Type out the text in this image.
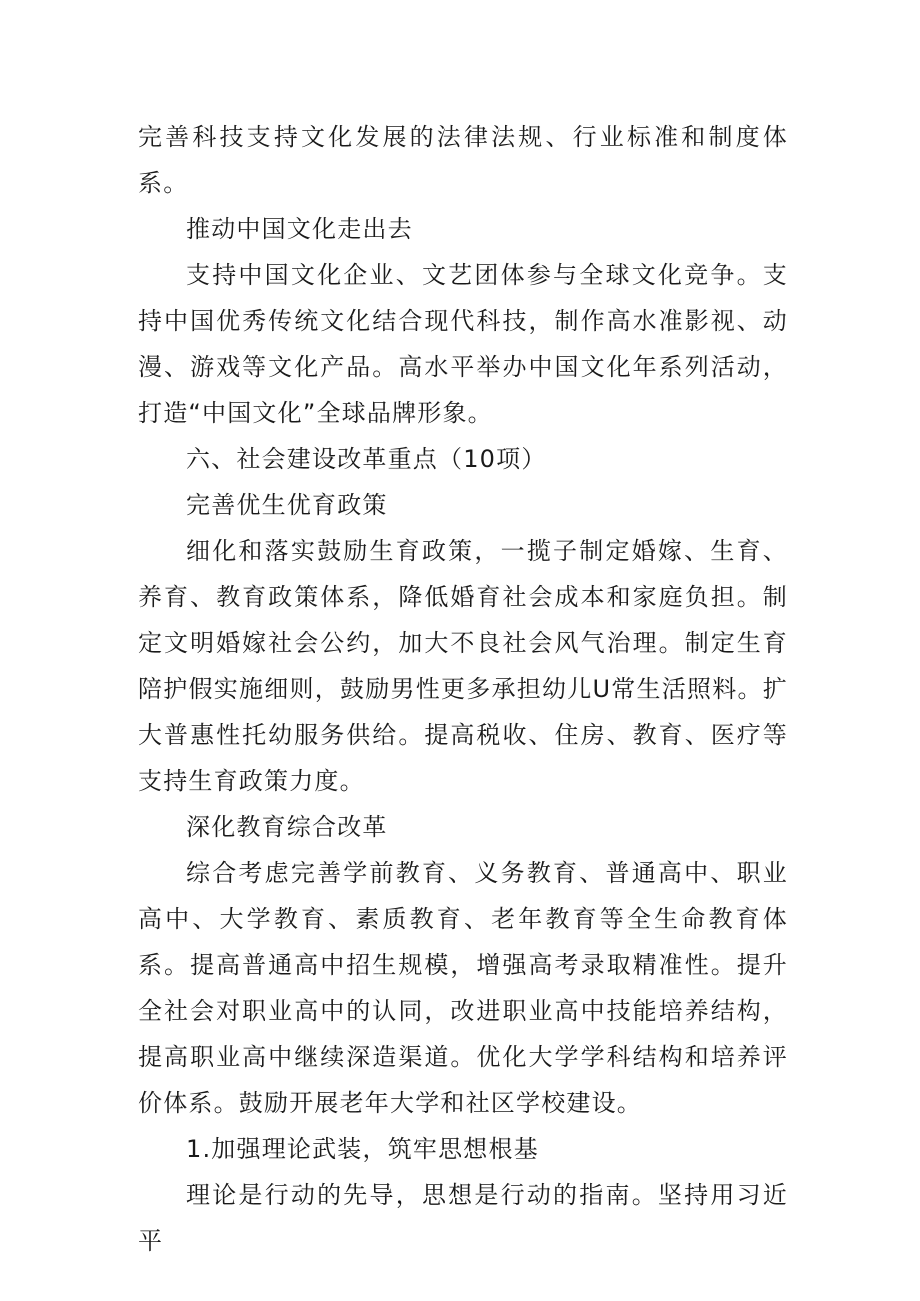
完善科技支持文化发展的法律法规、行业标准和制度体系。

推动中国文化走出去

支持中国文化企业、文艺团体参与全球文化竞争。支持中国优秀传统文化结合现代科技，制作高水准影视、动漫、游戏等文化产品。高水平举办中国文化年系列活动，打造“中国文化”全球品牌形象。

六、社会建设改革重点（10项）

完善优生优育政策

细化和落实鼓励生育政策，一揽子制定婚嫁、生育、养育、教育政策体系，降低婚育社会成本和家庭负担。制定文明婚嫁社会公约，加大不良社会风气治理。制定生育陪护假实施细则，鼓励男性更多承担幼儿U常生活照料。扩大普惠性托幼服务供给。提高税收、住房、教育、医疗等支持生育政策力度。

深化教育综合改革

综合考虑完善学前教育、义务教育、普通高中、职业高中、大学教育、素质教育、老年教育等全生命教育体系。提高普通高中招生规模，增强高考录取精准性。提升全社会对职业高中的认同，改进职业高中技能培养结构，提高职业高中继续深造渠道。优化大学学科结构和培养评价体系。鼓励开展老年大学和社区学校建设。

1.加强理论武装，筑牢思想根基

理论是行动的先导，思想是行动的指南。坚持用习近平
